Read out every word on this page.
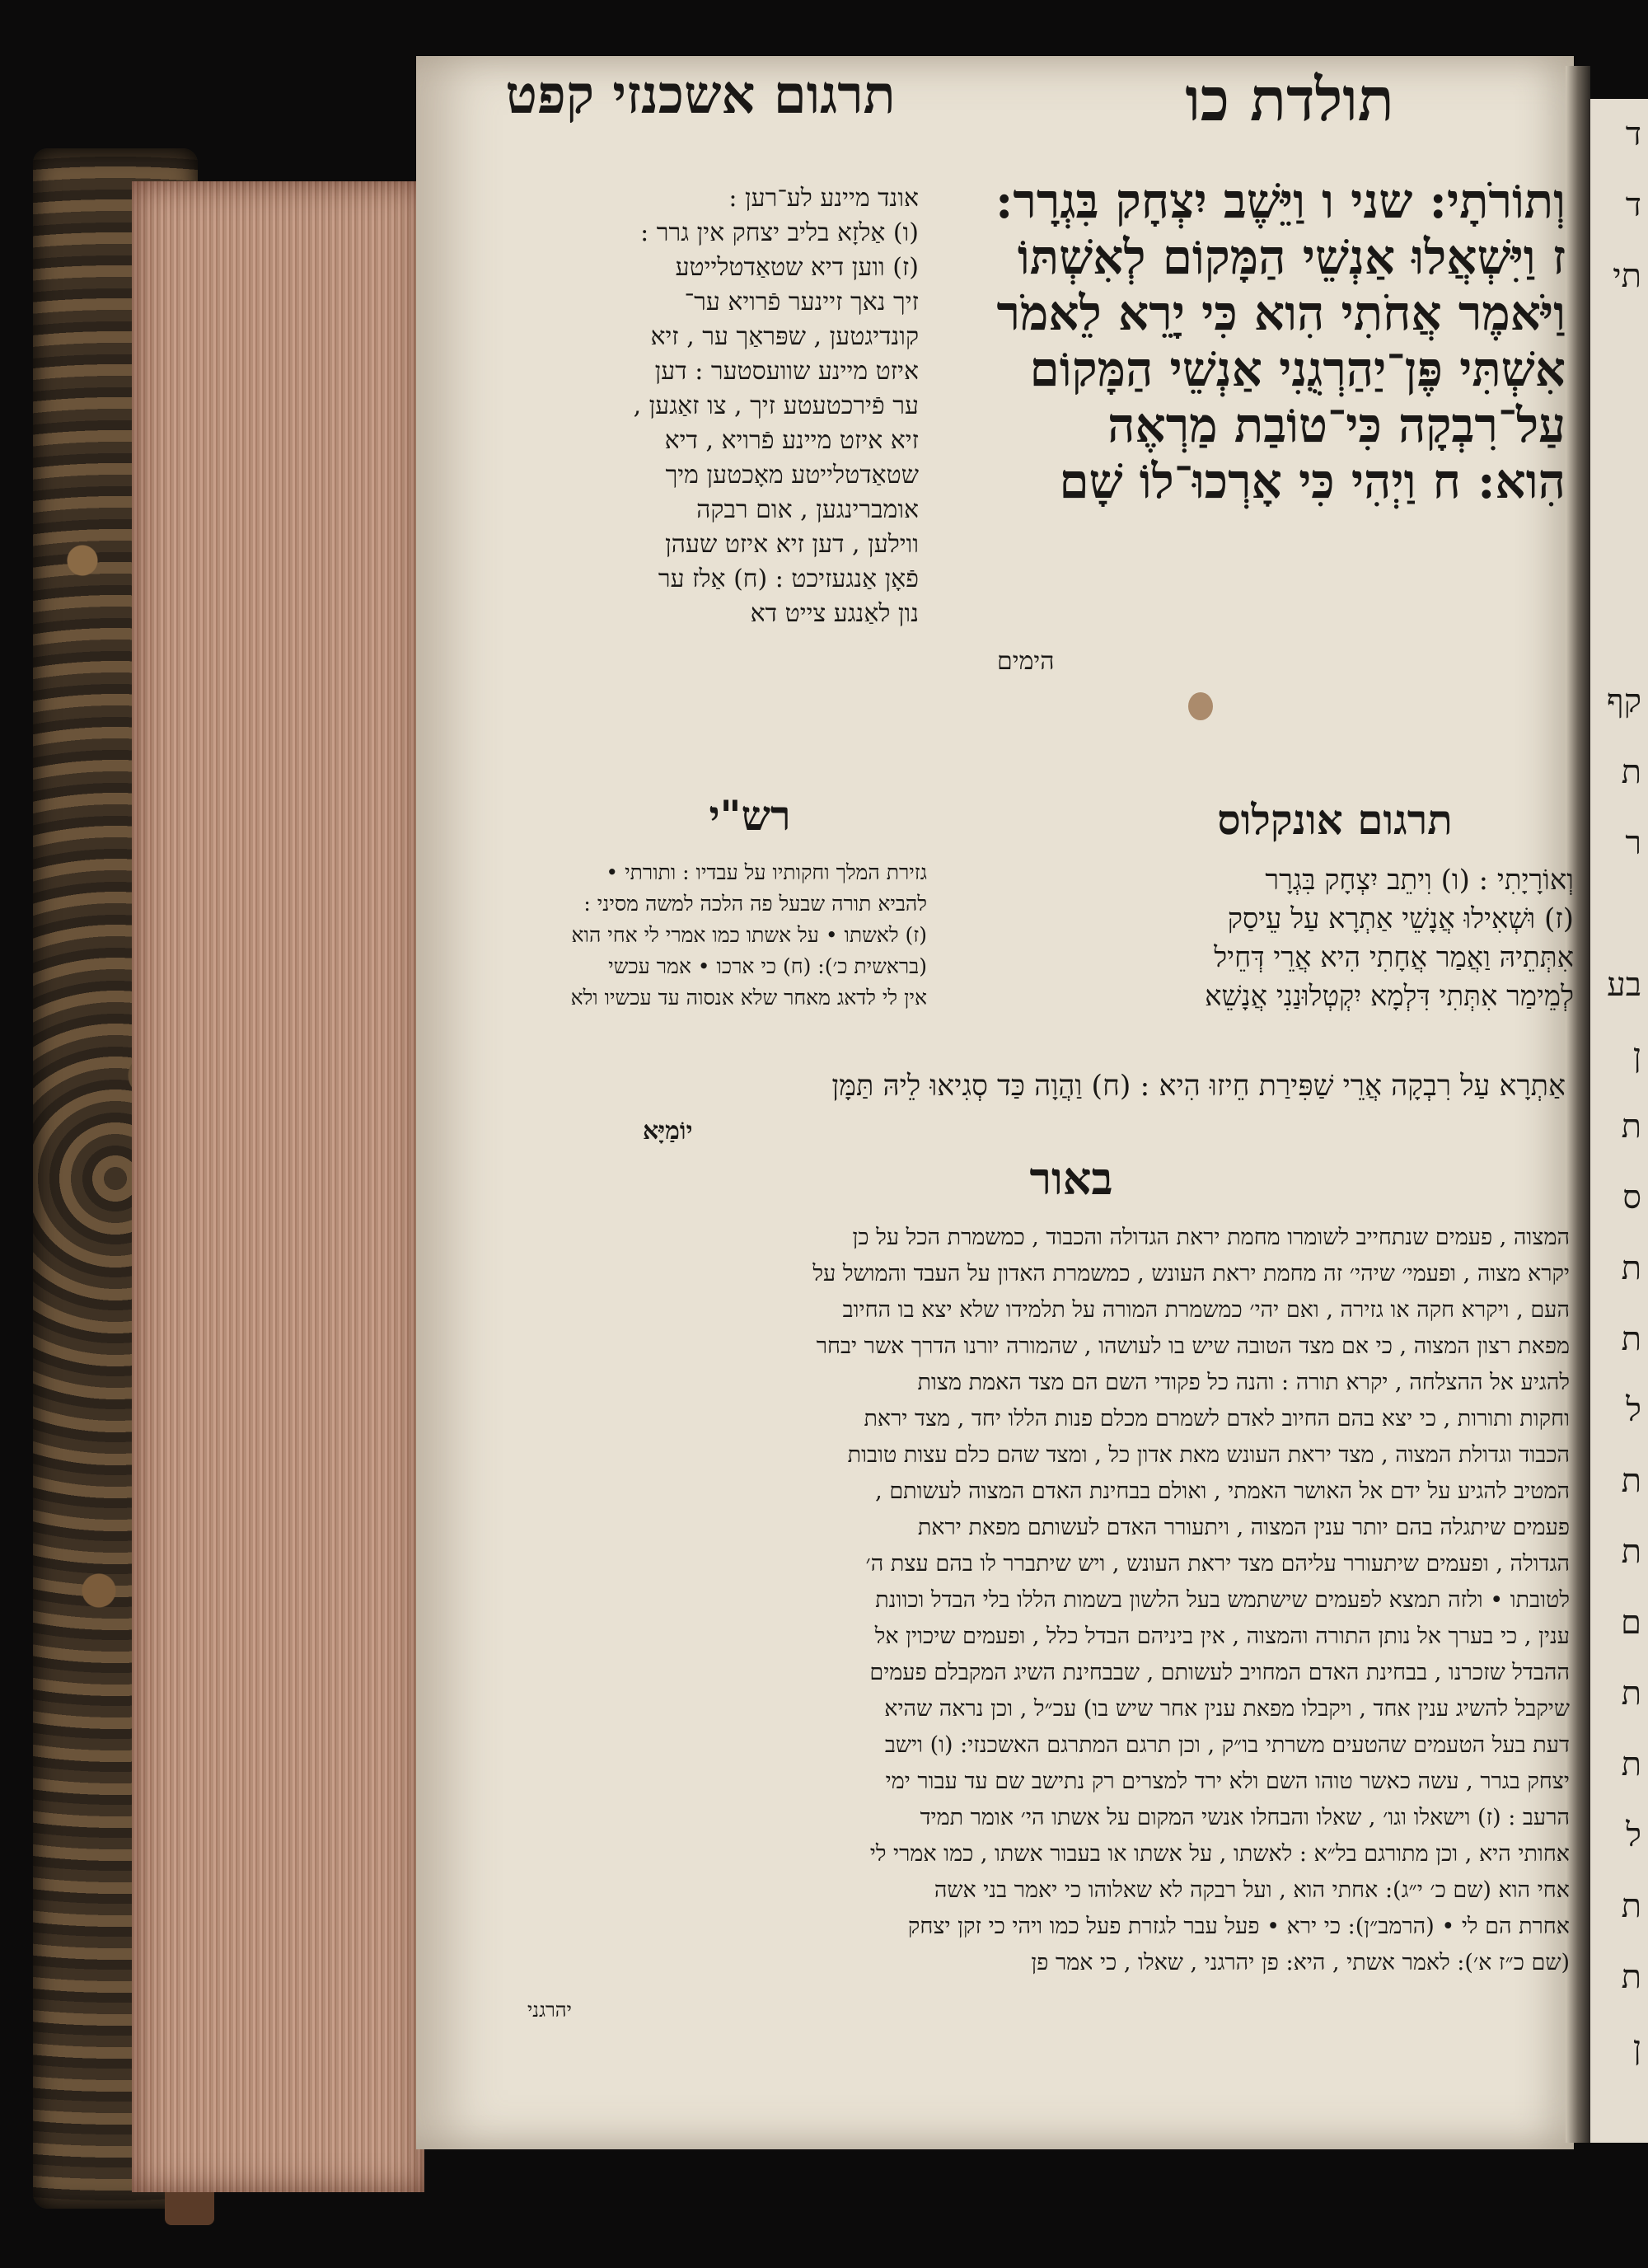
ד
ד
תי

קף
ת
ר

בע
ן
ת
ס
ת
ת
ל
ת
ת
ם
ת
ת
ל
ת
ת
ן
תרגום אשכנזי קפט	תולדת כו
וְתוֹרֹתָי: שני ו וַיֵּשֶׁב יִצְחָק בִּגְרָר:
ז וַיִּשְׁאֲלוּ אַנְשֵׁי הַמָּקוֹם לְאִשְׁתּוֹ
וַיֹּאמֶר אֲחֹתִי הִוא כִּי יָרֵא לֵאמֹר
אִשְׁתִּי פֶּן־יַהַרְגֻנִי אַנְשֵׁי הַמָּקוֹם
עַל־רִבְקָה כִּי־טוֹבַת מַרְאֶה
הִוא: ח וַיְהִי כִּי אָרְכוּ־לוֹ שָׁם
הימים
אונד מיינע לע־רען :
(ו) אַלזָא בליב יצחק אין גרר :
(ז) ווען דיא שטאַדטלייטע
זיך נאך זיינער פֿרויא ער־
קונדיגטען , שפּראַך ער , זיא
איזט מיינע שוועסטער : דען
ער פֿירכטעטע זיך , צו זאַגען ,
זיא איזט מיינע פֿרויא , דיא
שטאַדטלייטע מאָכטען מיך
אומברינגען , אום רבקה
ווילען , דען זיא איזט שעהן
פֿאָן אַנגעזיכט : (ח) אַלז ער
נון לאַנגע צייט דא
רש"י	תרגום אונקלוס
גזירת המלך וחקותיו על עבדיו : ותורתי •
להביא תורה שבעל פה הלכה למשה מסיני :
(ז) לאשתו • על אשתו כמו אמרי לי אחי הוא
(בראשית כ׳): (ח) כי ארכו • אמר עכשי
אין לי לדאג מאחר שלא אנסוה עד עכשיו ולא
וְאוֹרָיָתִי : (ו) וִיתֵב יִצְחָק בִּגְרָר
(ז) וּשְׁאִילוּ אֲנָשֵׁי אַתְרָא עַל עֵיסַק
אִתְּתֵיהּ וַאֲמַר אֲחָתִי הִיא אֲרֵי דְּחֵיל
לְמֵימַר אִתְּתִי דִּלְמָא יִקְטְלוּנַנִי אֲנָשֵׁא
אַתְרָא עַל רִבְקָה אֲרֵי שַׁפִּירַת חֵיזוּ הִיא : (ח) וַהֲוָה כַּד סְגִיאוּ לֵיהּ תַּמָּן
יוֹמַיָּא
באור
המצוה , פעמים שנתחייב לשומרו מחמת יראת הגדולה והכבוד , כמשמרת הכל על כן
יקרא מצוה , ופעמי׳ שיהי׳ זה מחמת יראת העונש , כמשמרת האדון על העבד והמושל על
העם , ויקרא חקה או גזירה , ואם יהי׳ כמשמרת המורה על תלמידו שלא יצא בו החיוב
מפאת רצון המצוה , כי אם מצד הטובה שיש בו לעושהו , שהמורה יורנו הדרך אשר יבחר
להגיע אל ההצלחה , יקרא תורה : והנה כל פקודי השם הם מצד האמת מצות
וחקות ותורות , כי יצא בהם החיוב לאדם לשמרם מכלם פנות הללו יחד , מצד יראת
הכבוד וגדולת המצוה , מצד יראת העונש מאת אדון כל , ומצד שהם כלם עצות טובות
המטיב להגיע על ידם אל האושר האמתי , ואולם בבחינת האדם המצוה לעשותם ,
פעמים שיתגלה בהם יותר ענין המצוה , ויתעורר האדם לעשותם מפאת יראת
הגדולה , ופעמים שיתעורר עליהם מצד יראת העונש , ויש שיתברר לו בהם עצת ה׳
לטובתו • ולזה תמצא לפעמים שישתמש בעל הלשון בשמות הללו בלי הבדל וכוונת
ענין , כי בערך אל נותן התורה והמצוה , אין ביניהם הבדל כלל , ופעמים שיכוין אל
ההבדל שזכרנו , בבחינת האדם המחויב לעשותם , שבבחינת השיג המקבלם פעמים
שיקבל להשיג ענין אחד , ויקבלו מפאת ענין אחר שיש בו) עכ״ל , וכן נראה שהיא
דעת בעל הטעמים שהטעים משרתי בו״ק , וכן תרגם המתרגם האשכנזי: (ו) וישב
יצחק בגרר , עשה כאשר טוהו השם ולא ירד למצרים רק נתישב שם עד עבור ימי
הרעב : (ז) וישאלו וגו׳ , שאלו והבחלו אנשי המקום על אשתו הי׳ אומר תמיד
אחותי היא , וכן מתורגם בל״א : לאשתו , על אשתו או בעבור אשתו , כמו אמרי לי
אחי הוא (שם כ׳ י״ג): אחתי הוא , ועל רבקה לא שאלוהו כי יאמר בני אשה
אחרת הם לי • (הרמב״ן): כי ירא • פעל עבר לגזרת פעל כמו ויהי כי זקן יצחק
(שם כ״ז א׳): לאמר אשתי , היא: פן יהרגני , שאלו , כי אמר פן
יהרגני
